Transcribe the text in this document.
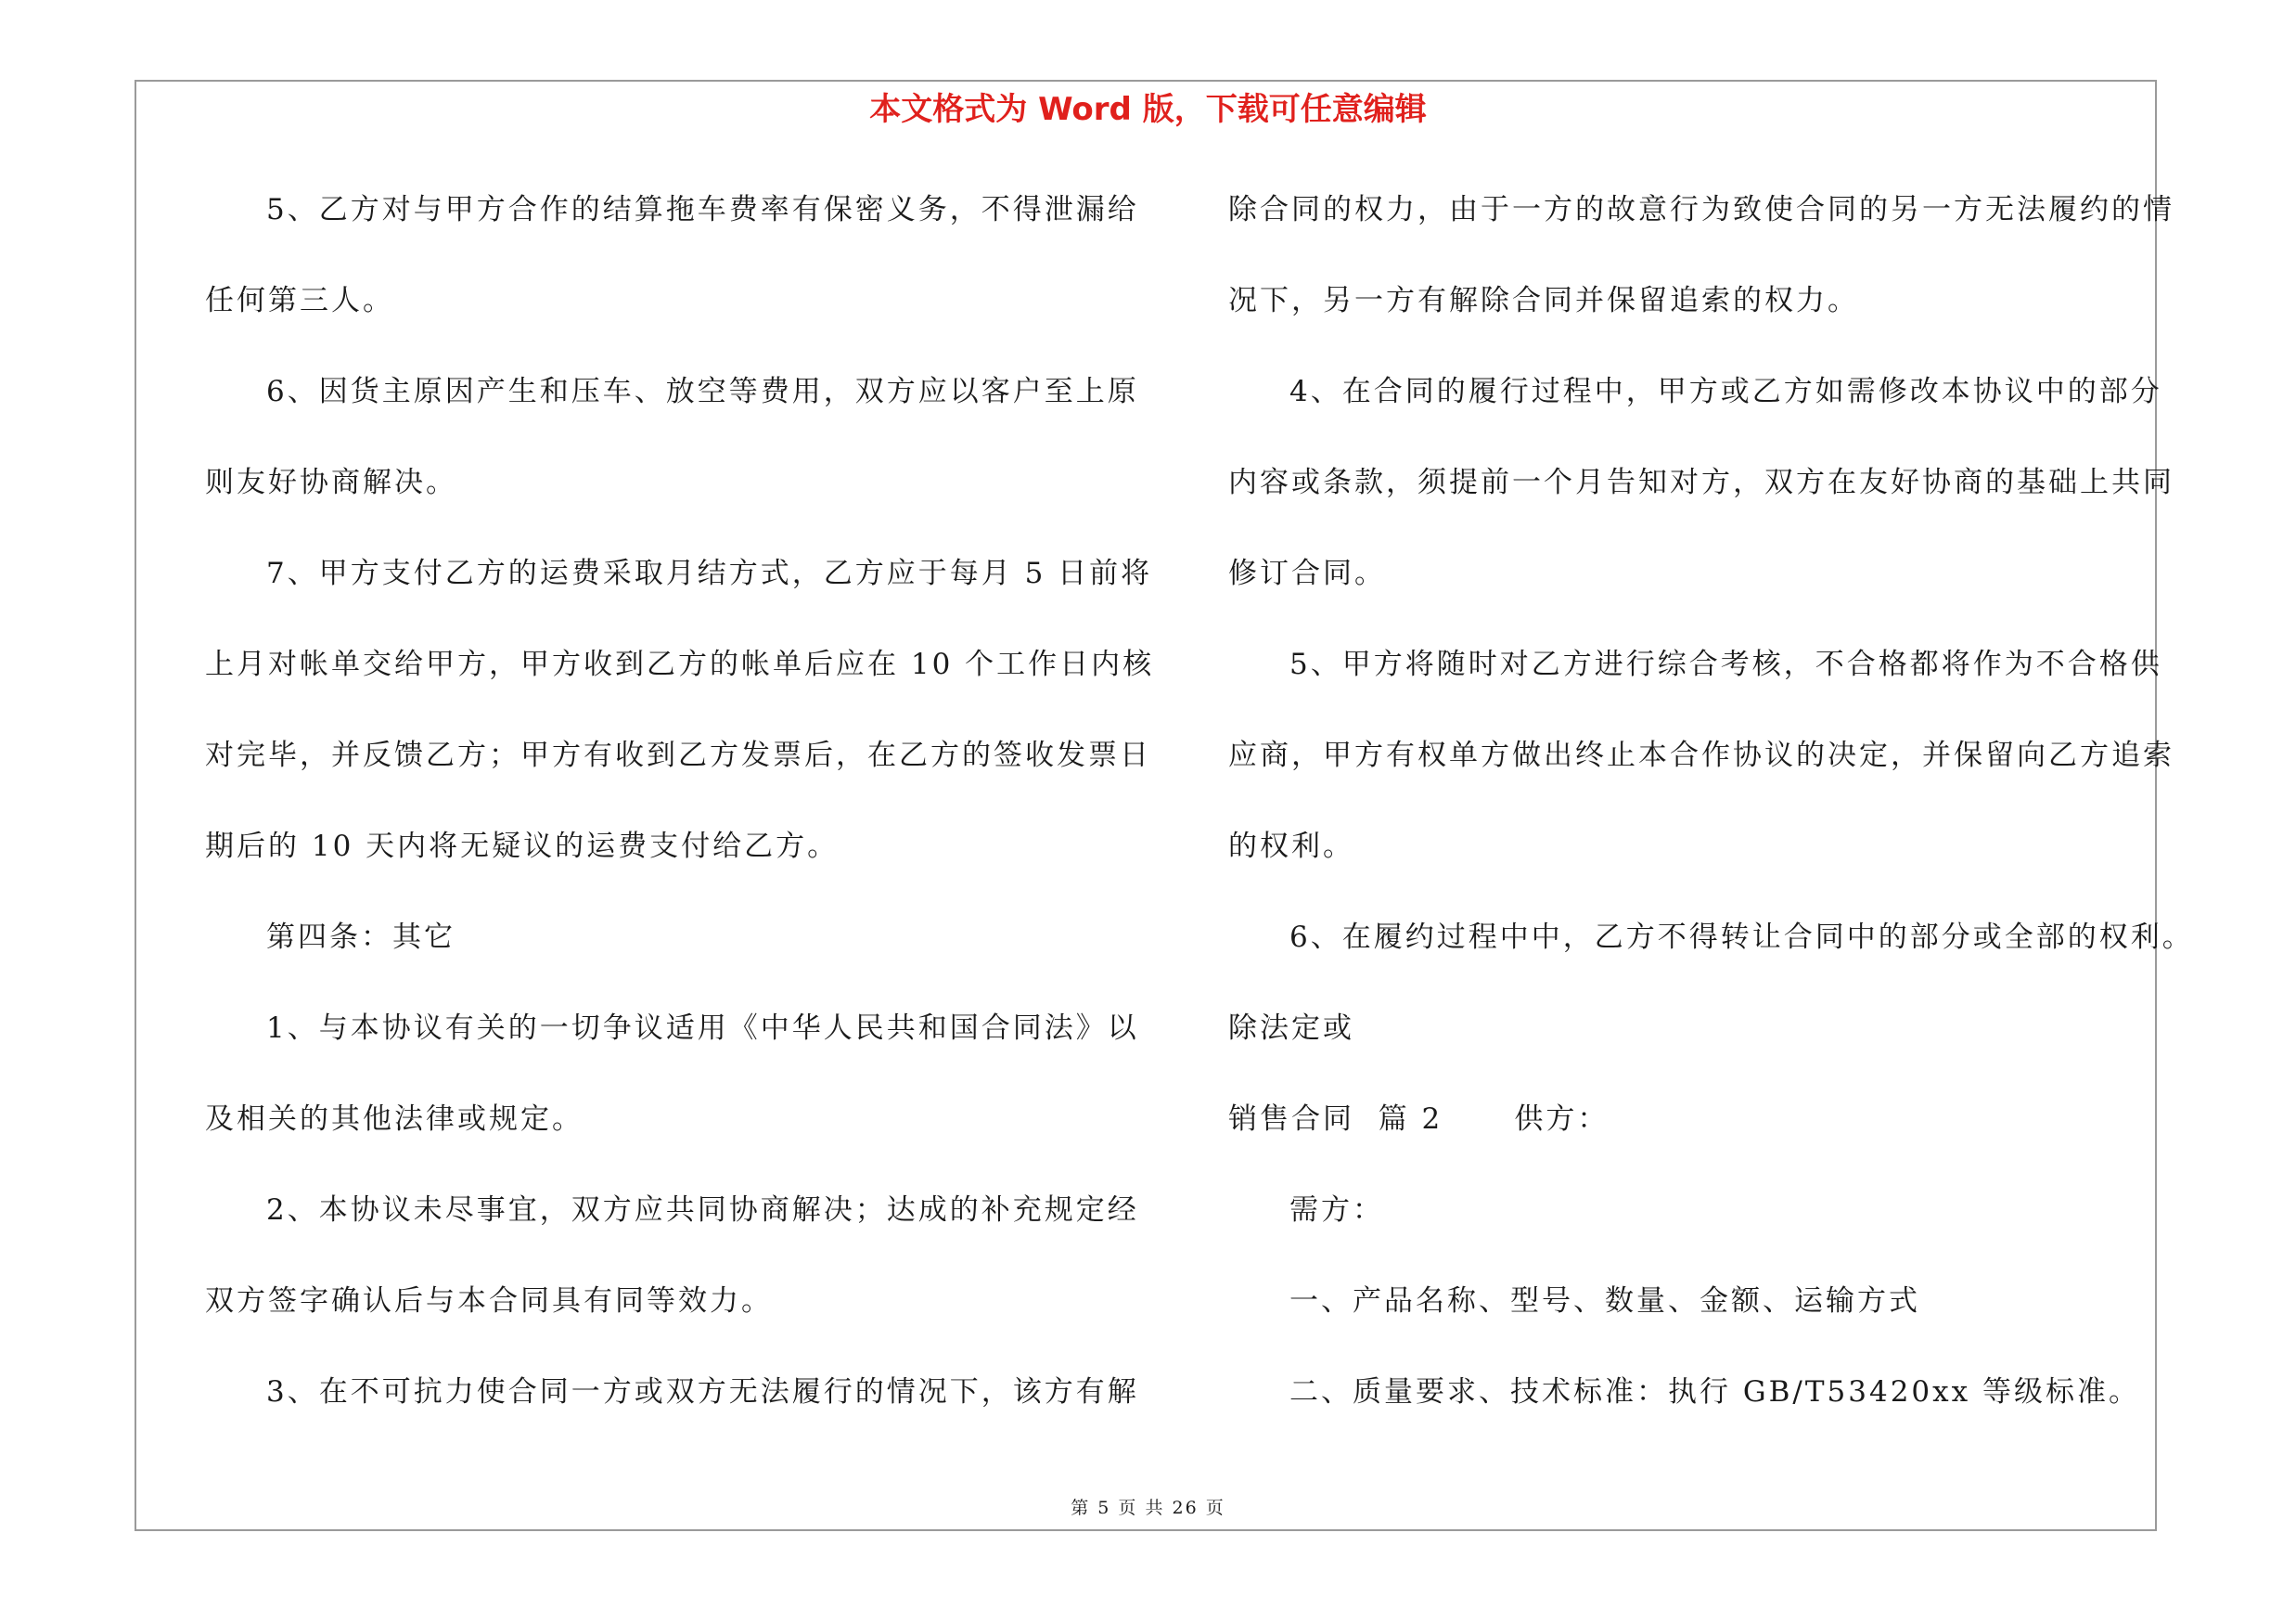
本文格式为 Word 版，下载可任意编辑

5、乙方对与甲方合作的结算拖车费率有保密义务，不得泄漏给
任何第三人。
6、因货主原因产生和压车、放空等费用，双方应以客户至上原
则友好协商解决。
7、甲方支付乙方的运费采取月结方式，乙方应于每月 5 日前将
上月对帐单交给甲方，甲方收到乙方的帐单后应在 10 个工作日内核
对完毕，并反馈乙方；甲方有收到乙方发票后，在乙方的签收发票日
期后的 10 天内将无疑议的运费支付给乙方。
第四条：其它
1、与本协议有关的一切争议适用《中华人民共和国合同法》以
及相关的其他法律或规定。
2、本协议未尽事宜，双方应共同协商解决；达成的补充规定经
双方签字确认后与本合同具有同等效力。
3、在不可抗力使合同一方或双方无法履行的情况下，该方有解
除合同的权力，由于一方的故意行为致使合同的另一方无法履约的情
况下，另一方有解除合同并保留追索的权力。
4、在合同的履行过程中，甲方或乙方如需修改本协议中的部分
内容或条款，须提前一个月告知对方，双方在友好协商的基础上共同
修订合同。
5、甲方将随时对乙方进行综合考核，不合格都将作为不合格供
应商，甲方有权单方做出终止本合作协议的决定，并保留向乙方追索
的权利。
6、在履约过程中中，乙方不得转让合同中的部分或全部的权利。
除法定或
销售合同  篇 2      供方：
需方：
一、产品名称、型号、数量、金额、运输方式
二、质量要求、技术标准：执行 GB/T53420xx 等级标准。
第 5 页 共 26 页
